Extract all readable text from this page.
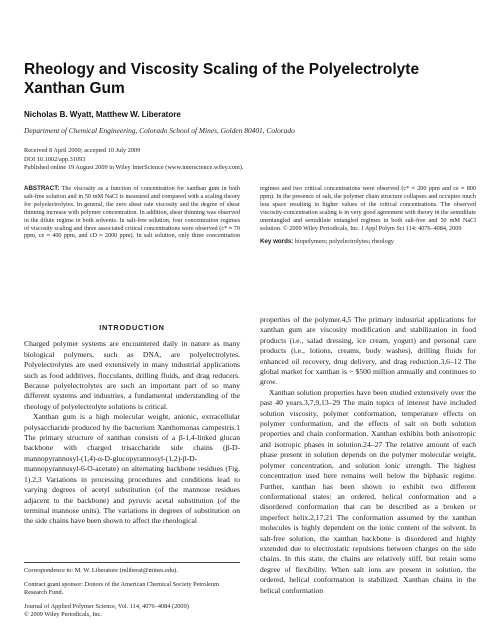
Rheology and Viscosity Scaling of the Polyelectrolyte
Xanthan Gum
Nicholas B. Wyatt, Matthew W. Liberatore
Department of Chemical Engineering, Colorado School of Mines, Golden 80401, Colorado
Received 8 April 2009; accepted 10 July 2009
DOI 10.1002/app.31093
Published online 19 August 2009 in Wiley InterScience (www.interscience.wiley.com).
ABSTRACT: The viscosity as a function of concentration for xanthan gum in both salt-free solution and in 50 mM NaCl is measured and compared with a scaling theory for polyelectrolytes. In general, the zero shear rate viscosity and the degree of shear thinning increase with polymer concentration. In addition, shear thinning was observed in the dilute regime in both solvents. In salt-free solution, four concentration regimes of viscosity scaling and three associated critical concentrations were observed (c* ≈ 70 ppm, ce ≈ 400 ppm, and cD ≈ 2000 ppm). In salt solution, only three concentration regimes and two critical concentrations were observed (c* ≈ 200 ppm and ce ≈ 800 ppm). In the presence of salt, the polymer chain structure collapses and occupies much less space resulting in higher values of the critical concentrations. The observed viscosity-concentration scaling is in very good agreement with theory in the semidilute unentangled and semidilute entangled regimes in both salt-free and 50 mM NaCl solution. © 2009 Wiley Periodicals, Inc. J Appl Polym Sci 114: 4076–4084, 2009
Key words: biopolymers; polyelectrolytes; rheology
INTRODUCTION

Charged polymer systems are encountered daily in nature as many biological polymers, such as DNA, are polyelectrolytes. Polyelectrolytes are used extensively in many industrial applications such as food additives, flocculants, drilling fluids, and drag reducers. Because polyelectrolytes are such an important part of so many different systems and industries, a fundamental understanding of the rheology of polyelectrolyte solutions is critical.

Xanthan gum is a high molecular weight, anionic, extracellular polysaccharide produced by the bacterium Xanthomonas campestris.1 The primary structure of xanthan consists of a β-1,4-linked glucan backbone with charged trisaccharide side chains (β-D-mannopyrannosyl-(1,4)-α-D-glucopyrannosyl-(1,2)-β-D-mannopyrannosyl-6-O-acetate) on alternating backbone residues (Fig. 1).2,3 Variations in processing procedures and conditions lead to varying degrees of acetyl substitution (of the mannose residues adjacent to the backbone) and pyruvic acetal substitution (of the terminal mannose units). The variations in degrees of substitution on the side chains have been shown to affect the rheological

properties of the polymer.4,5 The primary industrial applications for xanthan gum are viscosity modification and stabilization in food products (i.e., salad dressing, ice cream, yogurt) and personal care products (i.e., lotions, creams, body washes), drilling fluids for enhanced oil recovery, drug delivery, and drag reduction.3,6–12 The global market for xanthan is ~ $500 million annually and continues to grow.

Xanthan solution properties have been studied extensively over the past 40 years.3,7,9,13–29 The main topics of interest have included solution viscosity, polymer conformation, temperature effects on polymer conformation, and the effects of salt on both solution properties and chain conformation. Xanthan exhibits both anisotropic and isotropic phases in solution.24–27 The relative amount of each phase present in solution depends on the polymer molecular weight, polymer concentration, and solution ionic strength. The highest concentration used here remains well below the biphasic regime. Further, xanthan has been shown to exhibit two different conformational states: an ordered, helical conformation and a disordered conformation that can be described as a broken or imperfect helix.2,17,21 The conformation assumed by the xanthan molecules is highly dependent on the ionic content of the solvent. In salt-free solution, the xanthan backbone is disordered and highly extended due to electrostatic repulsions between charges on the side chains. In this state, the chains are relatively stiff, but retain some degree of flexibility. When salt ions are present in solution, the ordered, helical conformation is stabilized. Xanthan chains in the helical conformation

Correspondence to: M. W. Liberatore (mliberat@mines.edu).
Contract grant sponsor: Donors of the American Chemical Society Petroleum Research Fund.
Journal of Applied Polymer Science, Vol. 114, 4076–4084 (2009)
© 2009 Wiley Periodicals, Inc.
